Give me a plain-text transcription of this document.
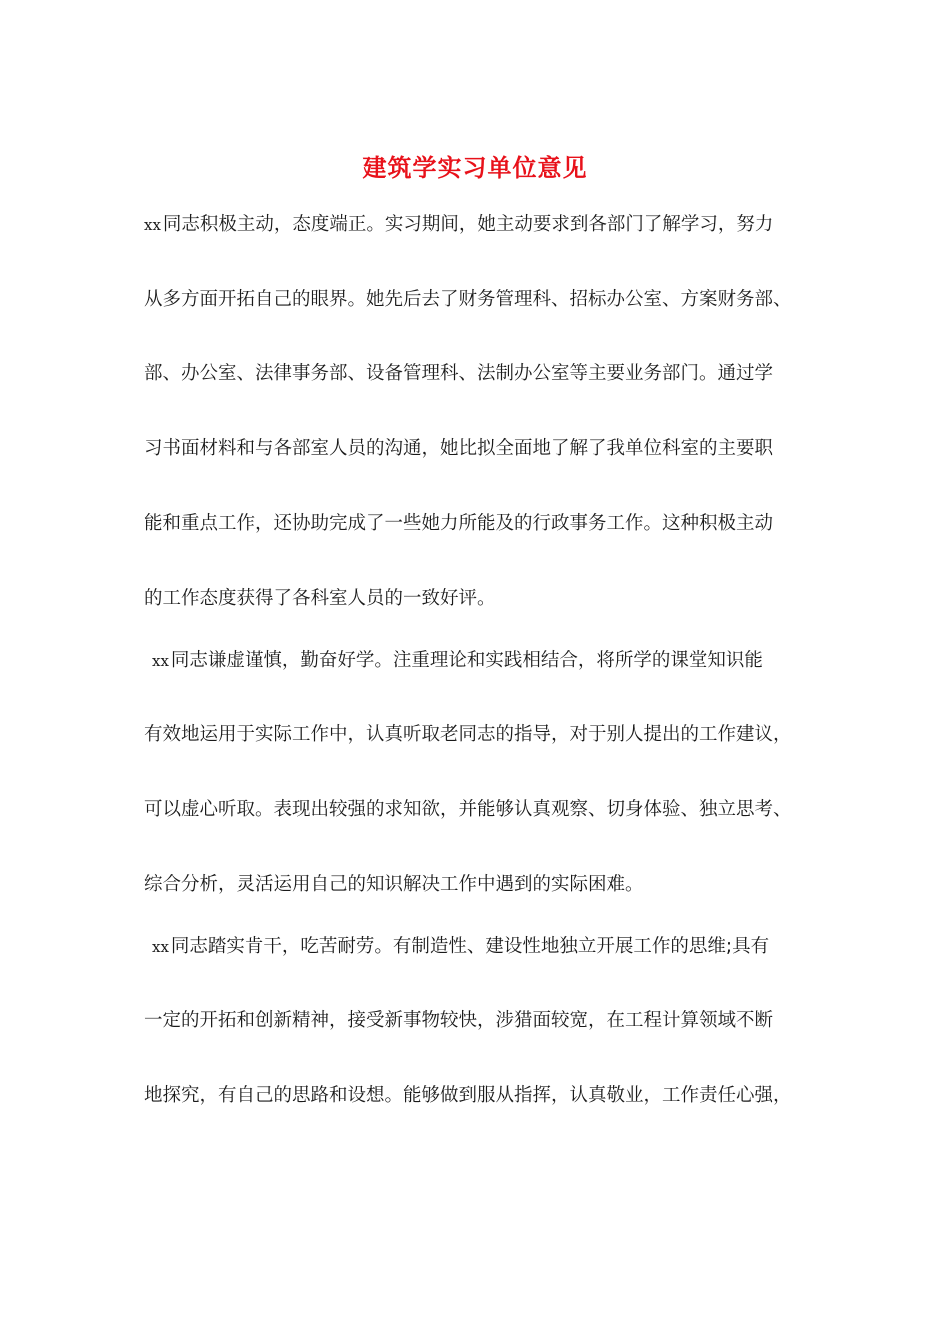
建筑学实习单位意见
xx 同志积极主动，态度端正。实习期间，她主动要求到各部门了解学习，努力
从多方面开拓自己的眼界。她先后去了财务管理科、招标办公室、方案财务部、
部、办公室、法律事务部、设备管理科、法制办公室等主要业务部门。通过学
习书面材料和与各部室人员的沟通，她比拟全面地了解了我单位科室的主要职
能和重点工作，还协助完成了一些她力所能及的行政事务工作。这种积极主动
的工作态度获得了各科室人员的一致好评。
xx 同志谦虚谨慎，勤奋好学。注重理论和实践相结合，将所学的课堂知识能
有效地运用于实际工作中，认真听取老同志的指导，对于别人提出的工作建议，
可以虚心听取。表现出较强的求知欲，并能够认真观察、切身体验、独立思考、
综合分析，灵活运用自己的知识解决工作中遇到的实际困难。
xx 同志踏实肯干，吃苦耐劳。有制造性、建设性地独立开展工作的思维;具有
一定的开拓和创新精神，接受新事物较快，涉猎面较宽，在工程计算领域不断
地探究，有自己的思路和设想。能够做到服从指挥，认真敬业，工作责任心强，
